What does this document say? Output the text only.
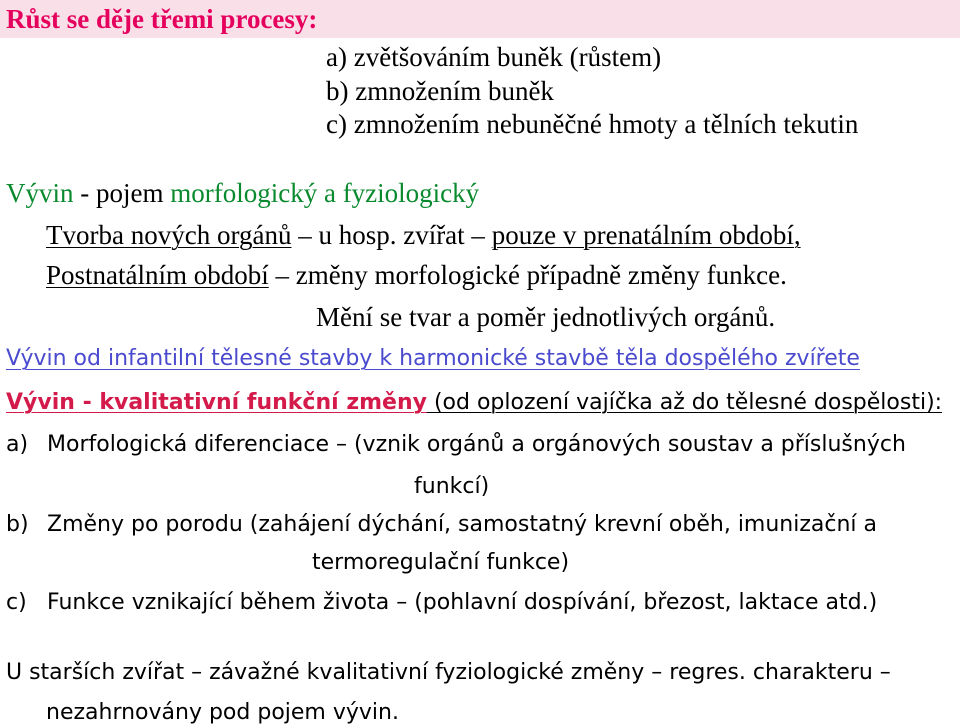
Růst se děje třemi procesy:
a) zvětšováním buněk (růstem)
b) zmnožením buněk
c) zmnožením nebuněčné hmoty a tělních tekutin
Vývin - pojem morfologický a fyziologický
Tvorba nových orgánů – u hosp. zvířat – pouze v prenatálním období,
Postnatálním období – změny morfologické případně změny funkce.
Mění se tvar a poměr jednotlivých orgánů.
Vývin od infantilní tělesné stavby k harmonické stavbě těla dospělého zvířete
Vývin - kvalitativní funkční změny (od oplození vajíčka až do tělesné dospělosti):
a) Morfologická diferenciace – (vznik orgánů a orgánových soustav a příslušných
funkcí)
b) Změny po porodu (zahájení dýchání, samostatný krevní oběh, imunizační a
termoregulační funkce)
c) Funkce vznikající během života – (pohlavní dospívání, březost, laktace atd.)
U starších zvířat – závažné kvalitativní fyziologické změny – regres. charakteru –
nezahrnovány pod pojem vývin.
